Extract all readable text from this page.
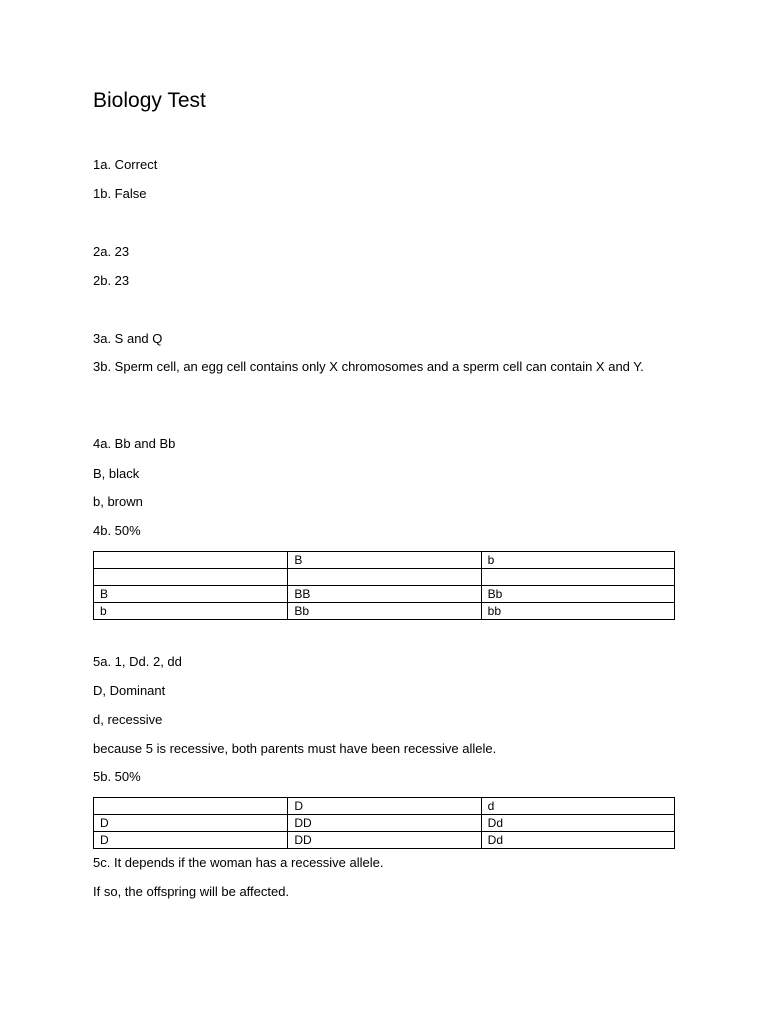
Biology Test

1a. Correct

1b. False

2a. 23

2b. 23

3a. S and Q

3b. Sperm cell, an egg cell contains only X chromosomes and a sperm cell can contain X and Y.

4a. Bb and Bb

B, black

b, brown

4b. 50%

	B	b

B	BB	Bb
b	Bb	bb

5a. 1, Dd. 2, dd

D, Dominant

d, recessive

because 5 is recessive, both parents must have been recessive allele.

5b. 50%

	D	d
D	DD	Dd
D	DD	Dd

5c. It depends if the woman has a recessive allele.

If so, the offspring will be affected.
